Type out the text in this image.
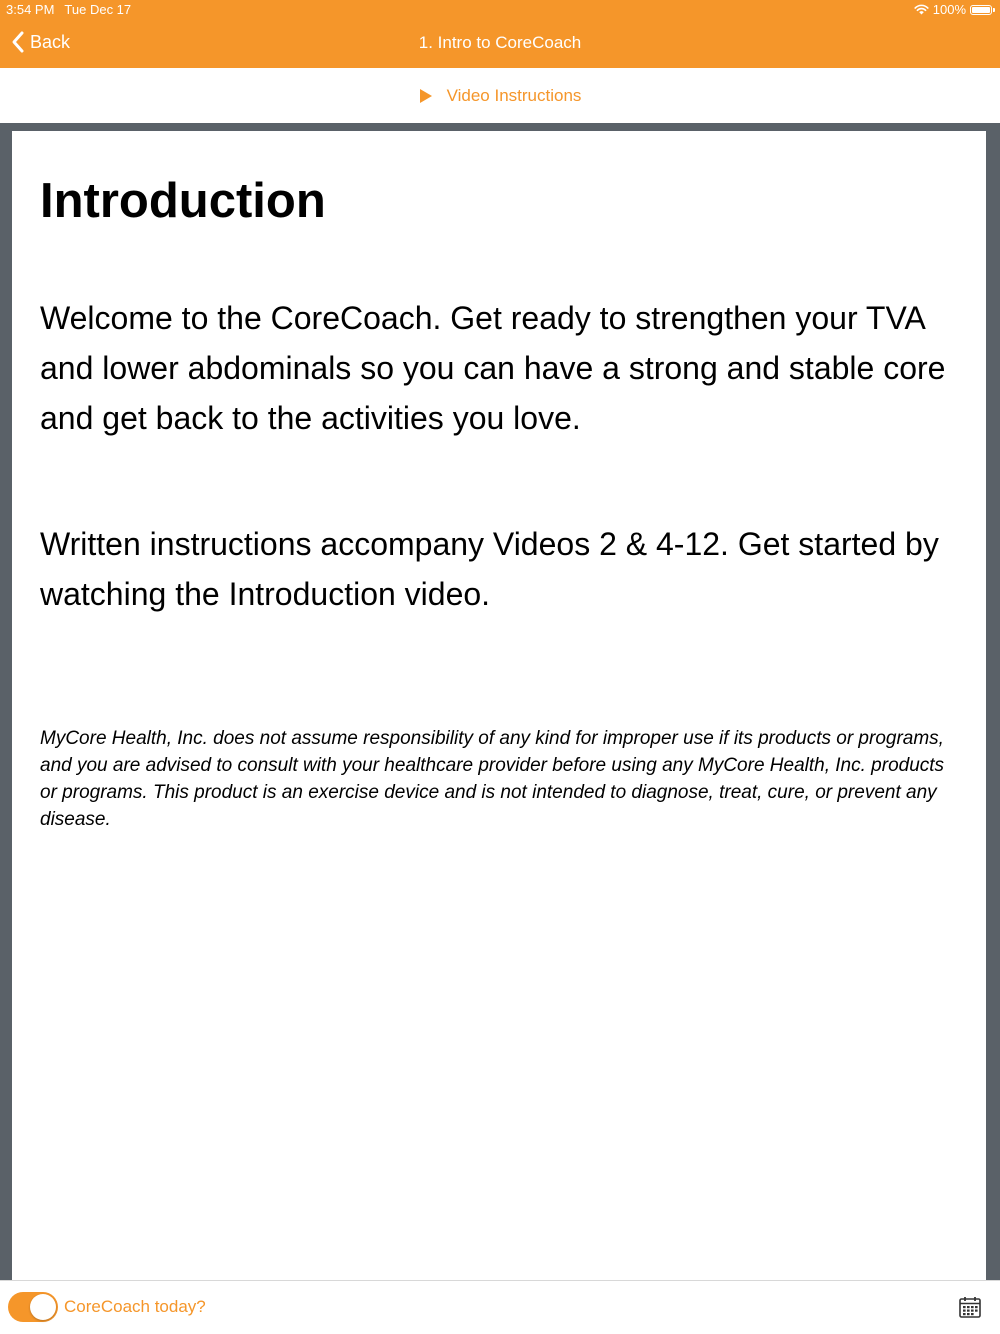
3:54 PM Tue Dec 17	100%
Back	1. Intro to CoreCoach
Video Instructions
Introduction

Welcome to the CoreCoach. Get ready to strengthen your TVA and lower abdominals so you can have a strong and stable core and get back to the activities you love.

Written instructions accompany Videos 2 & 4-12. Get started by watching the Introduction video.

MyCore Health, Inc. does not assume responsibility of any kind for improper use if its products or programs, and you are advised to consult with your healthcare provider before using any MyCore Health, Inc. products or programs. This product is an exercise device and is not intended to diagnose, treat, cure, or prevent any disease.

CoreCoach today?
